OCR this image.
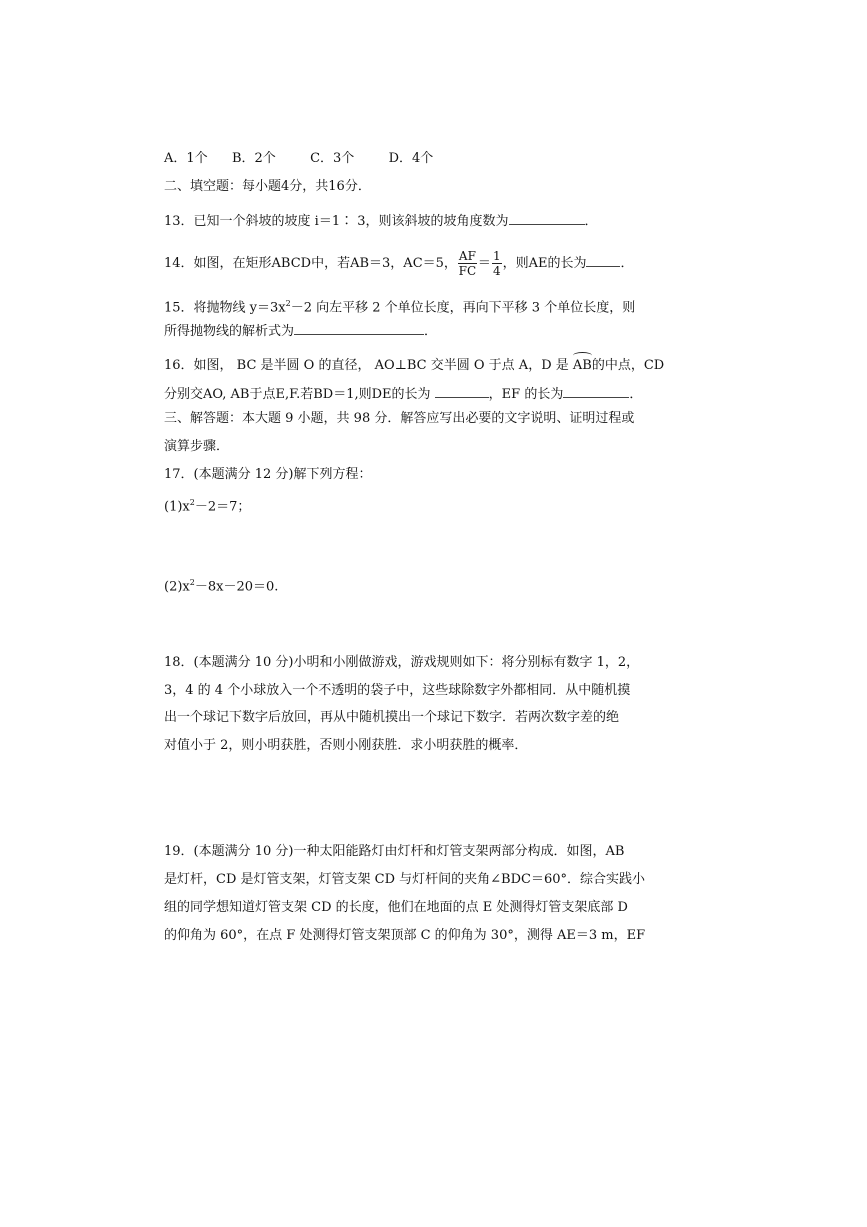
A．1个 B．2个	C．3个	D．4个
二、填空题：每小题4分，共16分．
13．已知一个斜坡的坡度 i＝1∶ 3，则该斜坡的坡角度数为	．
14．如图，在矩形ABCD中，若AB＝3，AC＝5， $\frac{AF}{FC} = \frac{1}{4}$ ，则AE的长为	．
15．将抛物线 $y=3x^2-2$ 向左平移 2 个单位长度，再向下平移 3 个单位长度，则
所得抛物线的解析式为	．
16．如图， BC 是半圆 O 的直径， AO⊥BC 交半圆 O 于点 A，D 是 AB的中点，CD
分别交AO, AB于点E,F.若BD＝1,则DE的长为	，EF 的长为	．
三、解答题：本大题 9 小题，共 98 分．解答应写出必要的文字说明、证明过程或
演算步骤．
17．(本题满分 12 分)解下列方程：
$(1)x^2-2=7$；
$(2)x^2-8x-20=0$.
18．(本题满分 10 分)小明和小刚做游戏，游戏规则如下：将分别标有数字 1，2，
3，4 的 4 个小球放入一个不透明的袋子中，这些球除数字外都相同．从中随机摸
出一个球记下数字后放回，再从中随机摸出一个球记下数字．若两次数字差的绝
对值小于 2，则小明获胜，否则小刚获胜．求小明获胜的概率．
19．(本题满分 10 分)一种太阳能路灯由灯杆和灯管支架两部分构成．如图，AB
是灯杆，CD 是灯管支架，灯管支架 CD 与灯杆间的夹角∠BDC＝60°．综合实践小
组的同学想知道灯管支架 CD 的长度，他们在地面的点 E 处测得灯管支架底部 D
的仰角为 60°，在点 F 处测得灯管支架顶部 C 的仰角为 30°，测得 AE＝3 m，EF
